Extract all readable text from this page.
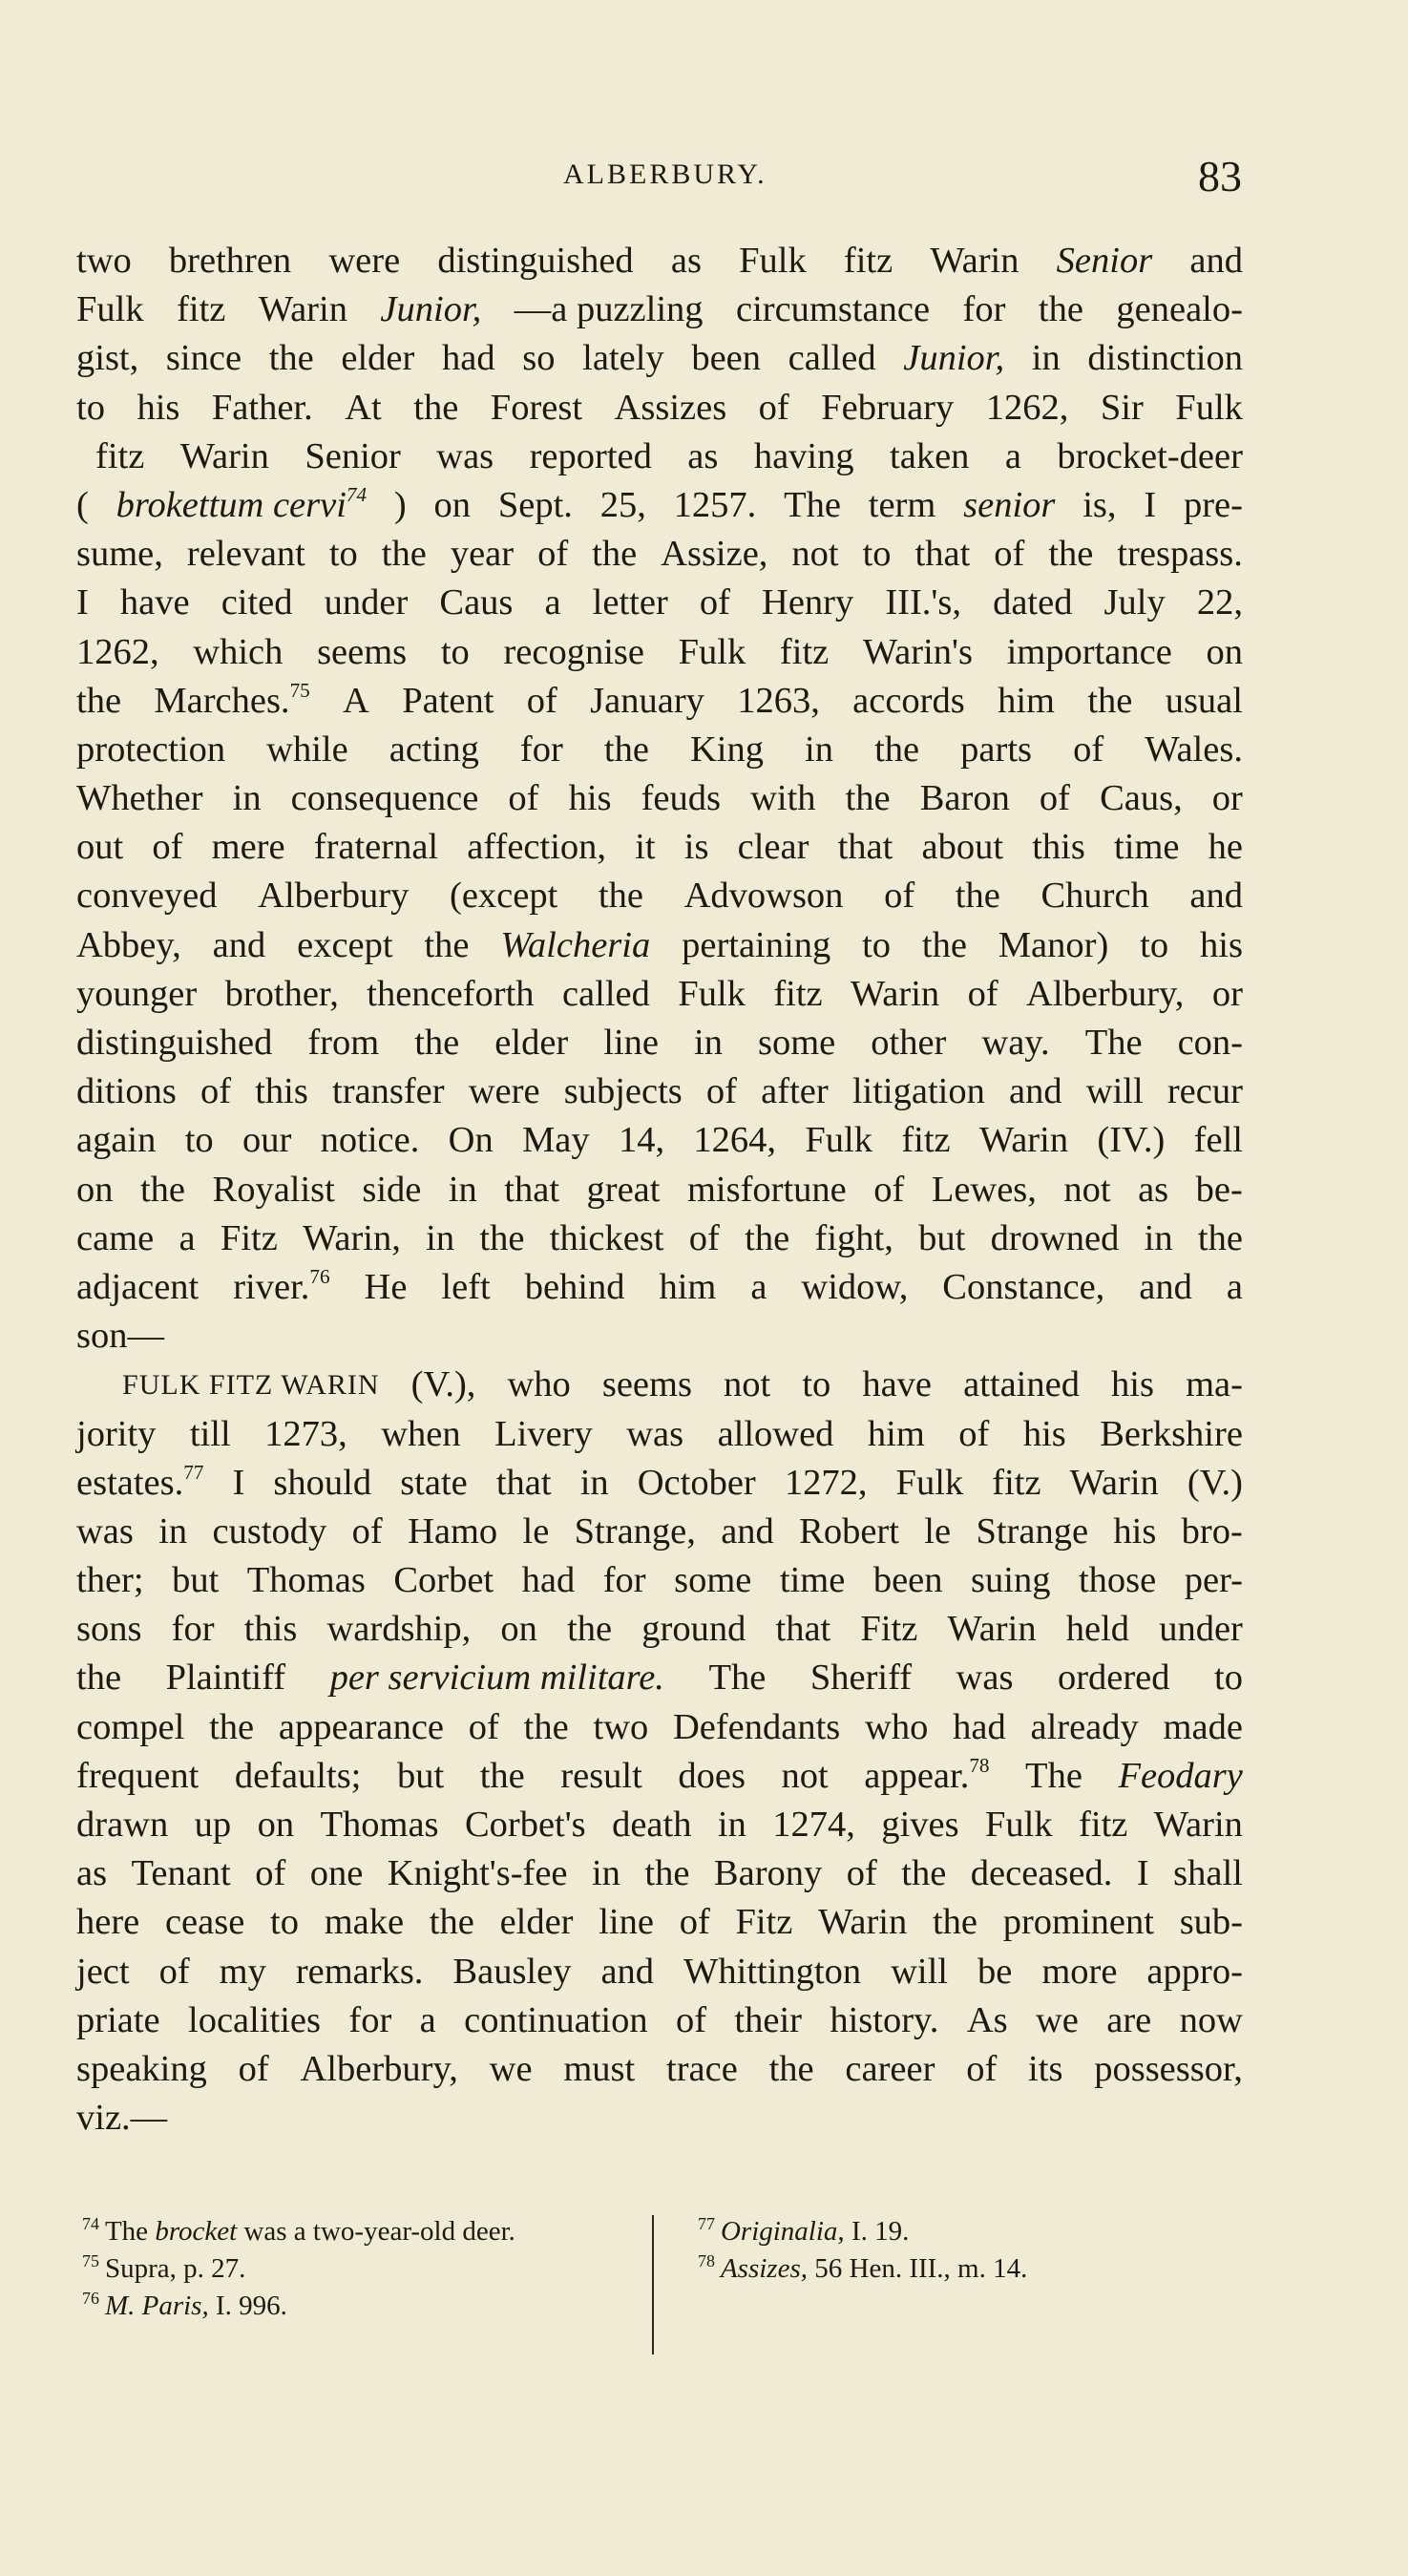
ALBERBURY.	83
two brethren were distinguished as Fulk fitz Warin Senior and
Fulk fitz Warin Junior, —a puzzling circumstance for the genealo-
gist, since the elder had so lately been called Junior, in distinction
to his Father. At the Forest Assizes of February 1262, Sir Fulk
fitz Warin Senior was reported as having taken a brocket-deer
( brokettum cervi$^{74}$ ) on Sept. 25, 1257. The term senior is, I pre-
sume, relevant to the year of the Assize, not to that of the trespass.
I have cited under Caus a letter of Henry III.'s, dated July 22,
1262, which seems to recognise Fulk fitz Warin's importance on
the Marches.$^{75}$ A Patent of January 1263, accords him the usual
protection while acting for the King in the parts of Wales.
Whether in consequence of his feuds with the Baron of Caus, or
out of mere fraternal affection, it is clear that about this time he
conveyed Alberbury (except the Advowson of the Church and
Abbey, and except the Walcheria pertaining to the Manor) to his
younger brother, thenceforth called Fulk fitz Warin of Alberbury, or
distinguished from the elder line in some other way. The con-
ditions of this transfer were subjects of after litigation and will recur
again to our notice. On May 14, 1264, Fulk fitz Warin (IV.) fell
on the Royalist side in that great misfortune of Lewes, not as be-
came a Fitz Warin, in the thickest of the fight, but drowned in the
adjacent river.$^{76}$ He left behind him a widow, Constance, and a
son—
FULK FITZ WARIN (V.), who seems not to have attained his ma-
jority till 1273, when Livery was allowed him of his Berkshire
estates.$^{77}$ I should state that in October 1272, Fulk fitz Warin (V.)
was in custody of Hamo le Strange, and Robert le Strange his bro-
ther; but Thomas Corbet had for some time been suing those per-
sons for this wardship, on the ground that Fitz Warin held under
the Plaintiff per servicium militare. The Sheriff was ordered to
compel the appearance of the two Defendants who had already made
frequent defaults; but the result does not appear.$^{78}$ The Feodary
drawn up on Thomas Corbet's death in 1274, gives Fulk fitz Warin
as Tenant of one Knight's-fee in the Barony of the deceased. I shall
here cease to make the elder line of Fitz Warin the prominent sub-
ject of my remarks. Bausley and Whittington will be more appro-
priate localities for a continuation of their history. As we are now
speaking of Alberbury, we must trace the career of its possessor,
viz.—
$^{74}$ The brocket was a two-year-old deer.
$^{75}$ Supra, p. 27.
$^{76}$ M. Paris, I. 996.
$^{77}$ Originalia, I. 19.
$^{78}$ Assizes, 56 Hen. III., m. 14.
